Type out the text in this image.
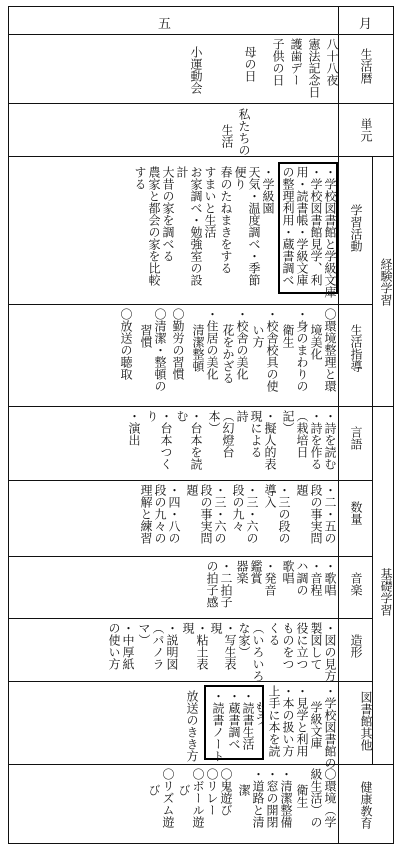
五	月
生活暦
単元
経験学習
基礎学習
学習活動
生活指導
言語
数量
音楽
造形
図書館其他
健康教育
八十八夜
憲法記念日
護歯デー
子供の日
母の日
小運動会
私たちの
生活
・学校図書館と学級文庫
・学校図書館見学、利
用・読書帳・学級文庫
の整理利用・蔵書調べ
・学級園
天気・温度調べ・季節
便り
春のたねまきをする
すまいと生活
お家調べ・勉強室の設
計
大昔の家を調べる
農家と都会の家を比較
する
〇環境整理と環
境美化
・身のまわりの
衛生
・校舎校具の使
い方
・校舎の美化
花をかざる
・住居の美化
清潔整頓
〇勤労の習慣
〇清潔・整頓の
習慣
〇放送の聴取
・詩を読む
・詩を作る
（栽培日
記）
・擬人的表
現による
詩
（幻燈台
本）
・台本を読
む
・台本つく
り
・演出
・二・五の
段の事実問
題
・三の段の
導入
・三・六の
段の九々
・三・六の
段の事実問
題
・四・八の
段の九々の
理解と練習
・歌唱
・音程
ハ調の
歌唱
・発音
鑑賞
器楽
・二拍子
の拍子感
・図の見方
製図して
役に立つ
ものをつ
くる
（いろいろ
な家）
・写生表
現
・粘土表
現
・説明図
（パノラ
マ）
・中厚紙
の使い方
・学校図書館の
学級文庫
・見学と利用
・本の扱い方
上手に本を読
もう
・読書生活
・蔵書調べ
・読書ノート
放送のきき方
〇環境（学
級生活）の
衛生
・清潔整備
・窓の開閉
・道路と清
潔
〇鬼遊び
〇リレー
〇ボール遊
び
〇リズム遊
び
